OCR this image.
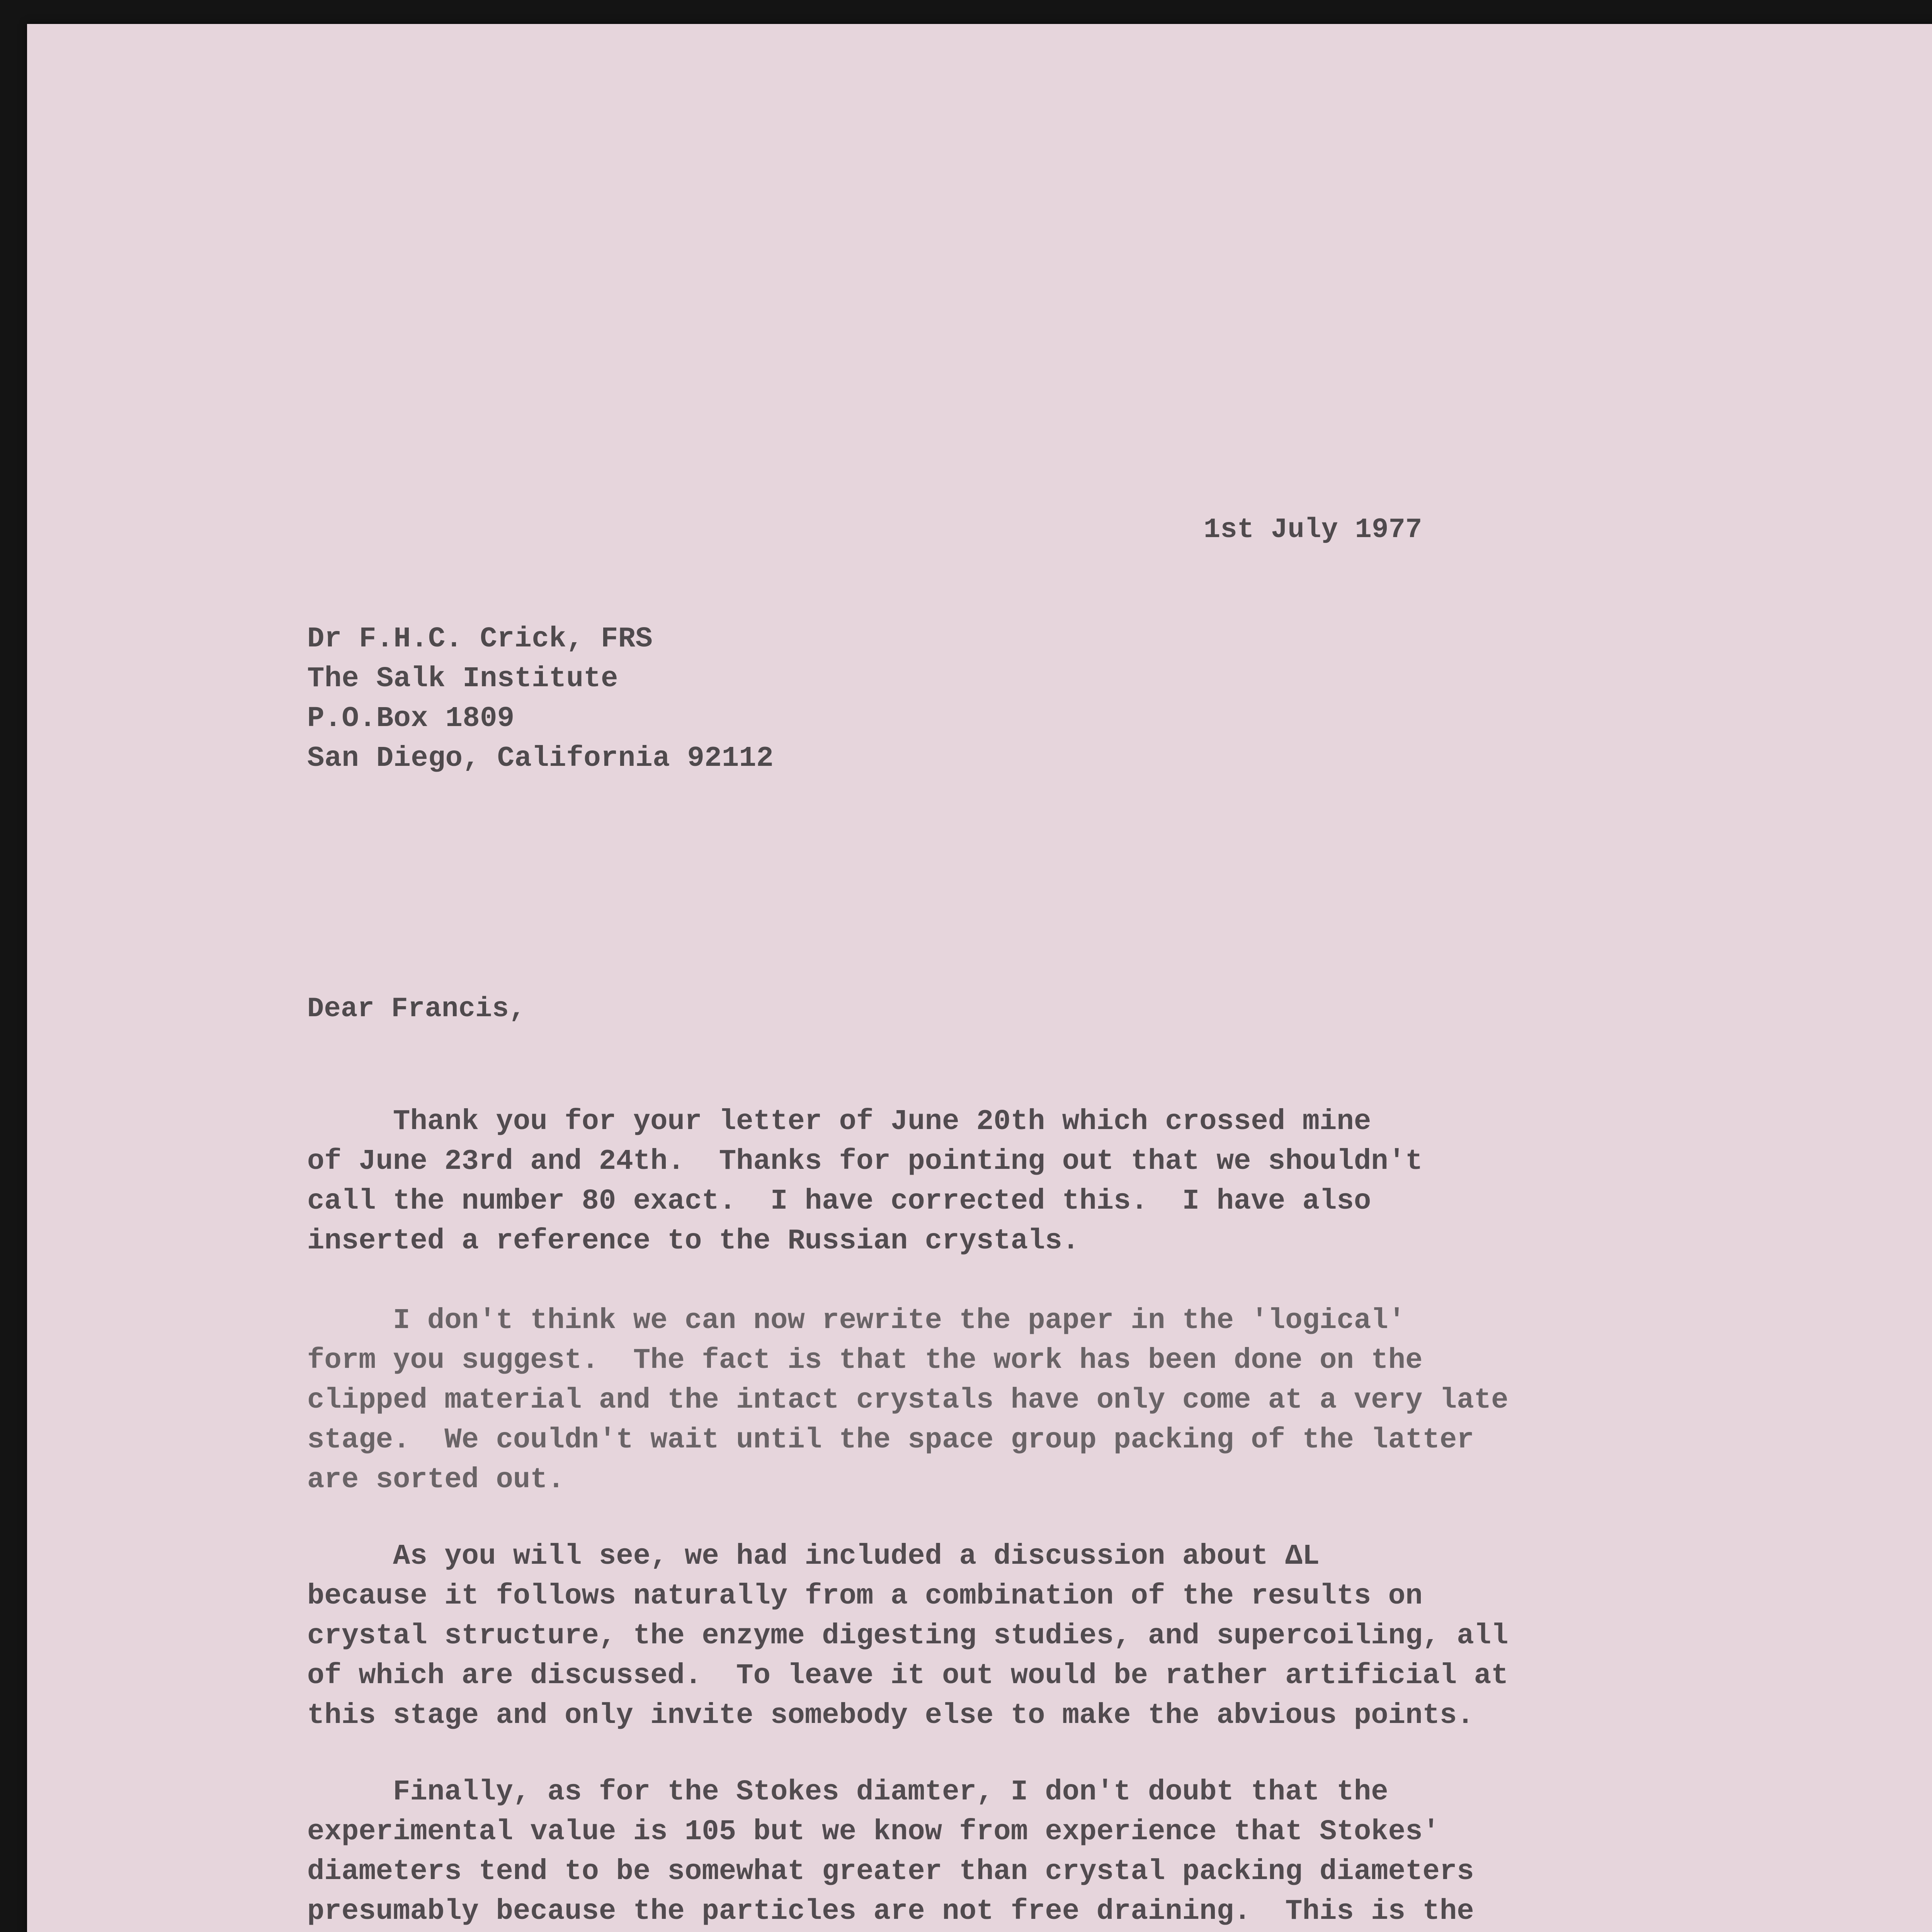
1st July 1977

Dr F.H.C. Crick, FRS

The Salk Institute

P.O.Box 1809

San Diego, California 92112

Dear Francis,

Thank you for your letter of June 20th which crossed mine
of June 23rd and 24th.  Thanks for pointing out that we shouldn't
call the number 80 exact.  I have corrected this.  I have also
inserted a reference to the Russian crystals.
I don't think we can now rewrite the paper in the 'logical'
form you suggest.  The fact is that the work has been done on the
clipped material and the intact crystals have only come at a very late
stage.  We couldn't wait until the space group packing of the latter
are sorted out.
As you will see, we had included a discussion about ΔL
because it follows naturally from a combination of the results on
crystal structure, the enzyme digesting studies, and supercoiling, all
of which are discussed.  To leave it out would be rather artificial at
this stage and only invite somebody else to make the abvious points.
Finally, as for the Stokes diamter, I don't doubt that the
experimental value is 105 but we know from experience that Stokes'
diameters tend to be somewhat greater than crystal packing diameters
presumably because the particles are not free draining.  This is the
